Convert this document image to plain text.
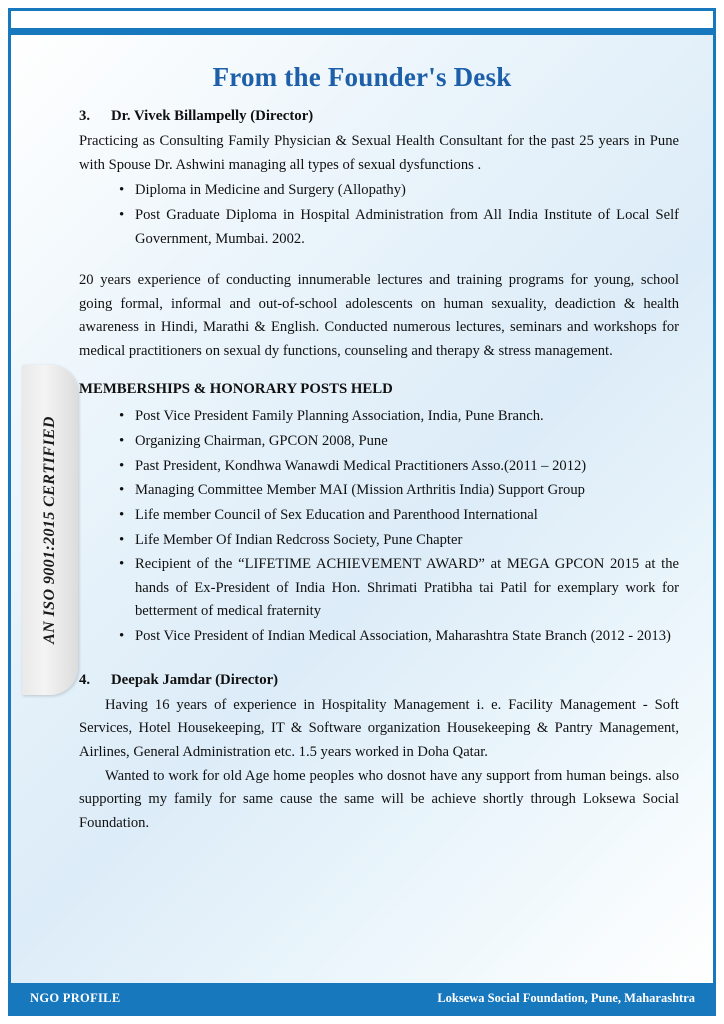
From the Founder's Desk
3. Dr. Vivek Billampelly (Director)

Practicing as Consulting Family Physician & Sexual Health Consultant for the past 25 years in Pune with Spouse Dr. Ashwini managing all types of sexual dysfunctions .

• Diploma in Medicine and Surgery (Allopathy)
• Post Graduate Diploma in Hospital Administration from All India Institute of Local Self Government, Mumbai. 2002.

20 years experience of conducting innumerable lectures and training programs for young, school going formal, informal and out-of-school adolescents on human sexuality, deadiction & health awareness in Hindi, Marathi & English. Conducted numerous lectures, seminars and workshops for medical practitioners on sexual dy functions, counseling and therapy & stress management.

MEMBERSHIPS & HONORARY POSTS HELD
• Post Vice President Family Planning Association, India, Pune Branch.
• Organizing Chairman, GPCON 2008, Pune
• Past President, Kondhwa Wanawdi Medical Practitioners Asso.(2011 – 2012)
• Managing Committee Member MAI (Mission Arthritis India) Support Group
• Life member Council of Sex Education and Parenthood International
• Life Member Of Indian Redcross Society, Pune Chapter
• Recipient of the “LIFETIME ACHIEVEMENT AWARD” at MEGA GPCON 2015 at the hands of Ex-President of India Hon. Shrimati Pratibha tai Patil for exemplary work for betterment of medical fraternity
• Post Vice President of Indian Medical Association, Maharashtra State Branch (2012 - 2013)
4. Deepak Jamdar (Director)

Having 16 years of experience in Hospitality Management i. e. Facility Management - Soft Services, Hotel Housekeeping, IT & Software organization Housekeeping & Pantry Management, Airlines, General Administration etc. 1.5 years worked in Doha Qatar.

Wanted to work for old Age home peoples who dosnot have any support from human beings. also supporting my family for same cause the same will be achieve shortly through Loksewa Social Foundation.

AN ISO 9001:2015 CERTIFIED
NGO PROFILE	Loksewa Social Foundation, Pune, Maharashtra
